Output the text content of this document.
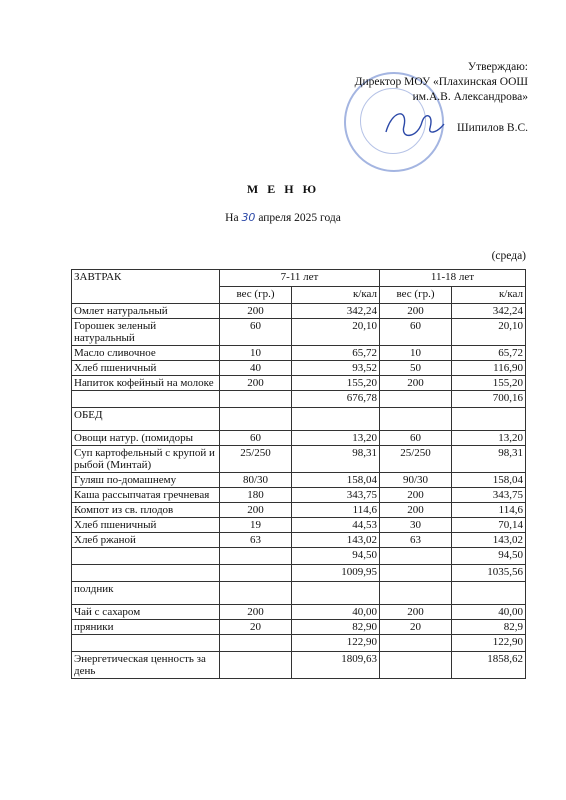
Утверждаю:
Директор МОУ «Плахинская ООШ
им.А.В. Александрова»
Шипилов В.С.
М Е Н Ю
На 30 апреля 2025 года
(среда)
ЗАВТРАК	7-11 лет		11-18 лет	
	вес (гр.)	к/кал	вес (гр.)	к/кал
Омлет натуральный	200	342,24	200	342,24
Горошек зеленый натуральный	60	20,10	60	20,10
Масло сливочное	10	65,72	10	65,72
Хлеб пшеничный	40	93,52	50	116,90
Напиток кофейный на молоке	200	155,20	200	155,20
		676,78		700,16
ОБЕД				
Овощи натур. (помидоры	60	13,20	60	13,20
Суп картофельный с крупой и рыбой (Минтай)	25/250	98,31	25/250	98,31
Гуляш по-домашнему	80/30	158,04	90/30	158,04
Каша рассыпчатая гречневая	180	343,75	200	343,75
Компот из св. плодов	200	114,6	200	114,6
Хлеб пшеничный	19	44,53	30	70,14
Хлеб ржаной	63	143,02	63	143,02
		94,50		94,50
		1009,95		1035,56
полдник				
Чай с сахаром	200	40,00	200	40,00
пряники	20	82,90	20	82,9
		122,90		122,90
Энергетическая ценность за день		1809,63		1858,62
